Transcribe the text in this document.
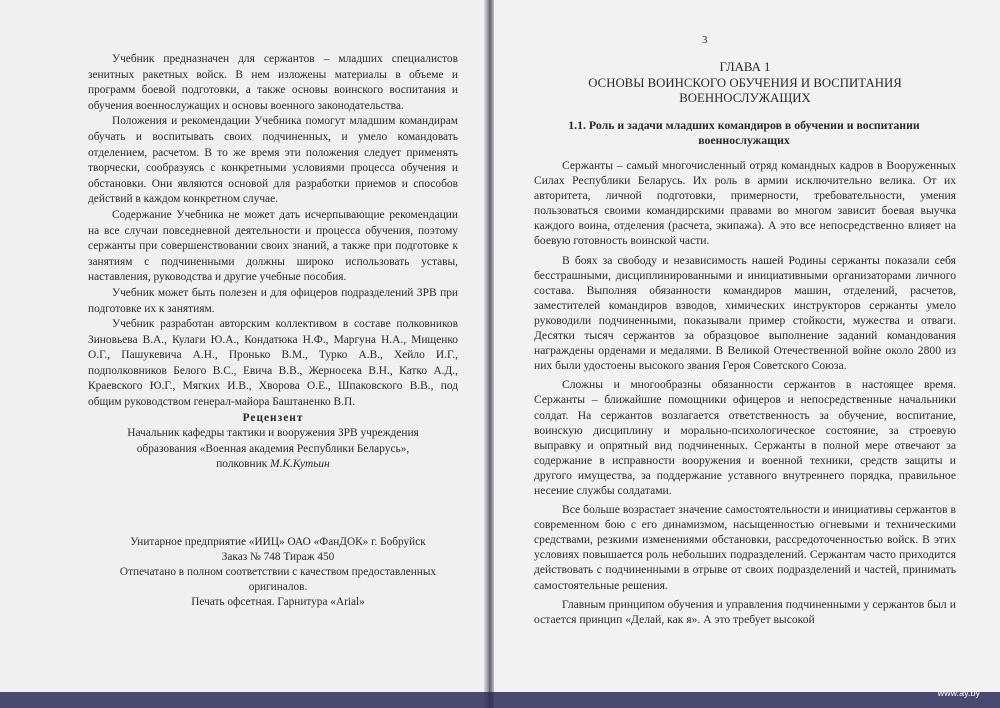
Учебник предназначен для сержантов – младших специалистов зенитных ракетных войск. В нем изложены материалы в объеме и программ боевой подготовки, а также основы воинского воспитания и обучения военнослужащих и основы военного законодательства.

Положения и рекомендации Учебника помогут младшим командирам обучать и воспитывать своих подчиненных, и умело командовать отделением, расчетом. В то же время эти положения следует применять творчески, сообразуясь с конкретными условиями процесса обучения и обстановки. Они являются основой для разработки приемов и способов действий в каждом конкретном случае.

Содержание Учебника не может дать исчерпывающие рекомендации на все случаи повседневной деятельности и процесса обучения, поэтому сержанты при совершенствовании своих знаний, а также при подготовке к занятиям с подчиненными должны широко использовать уставы, наставления, руководства и другие учебные пособия.

Учебник может быть полезен и для офицеров подразделений ЗРВ при подготовке их к занятиям.

Учебник разработан авторским коллективом в составе полковников Зиновьева В.А., Кулаги Ю.А., Кондатюка Н.Ф., Маргуна Н.А., Мищенко О.Г., Пашукевича А.Н., Пронько В.М., Турко А.В., Хейло И.Г., подполковников Белого В.С., Евича В.В., Жерносека В.Н., Катко А.Д., Краевского Ю.Г., Мягких И.В., Хворова О.Е., Шпаковского В.В., под общим руководством генерал-майора Баштаненко В.П.

Рецензент

Начальник кафедры тактики и вооружения ЗРВ учреждения

образования «Военная академия Республики Беларусь»,

полковник М.К.Кутьин

Унитарное предприятие «ИИЦ» ОАО «ФанДОК» г. Бобруйск

Заказ № 748 Тираж 450

Отпечатано в полном соответствии с качеством предоставленных оригиналов.

Печать офсетная. Гарнитура «Arial»

3
ГЛАВА 1
ОСНОВЫ ВОИНСКОГО ОБУЧЕНИЯ И ВОСПИТАНИЯ
ВОЕННОСЛУЖАЩИХ
1.1. Роль и задачи младших командиров в обучении и воспитании военнослужащих

Сержанты – самый многочисленный отряд командных кадров в Вооруженных Силах Республики Беларусь. Их роль в армии исключительно велика. От их авторитета, личной подготовки, примерности, требовательности, умения пользоваться своими командирскими правами во многом зависит боевая выучка каждого воина, отделения (расчета, экипажа). А это все непосредственно влияет на боевую готовность воинской части.

В боях за свободу и независимость нашей Родины сержанты показали себя бесстрашными, дисциплинированными и инициативными организаторами личного состава. Выполняя обязанности командиров машин, отделений, расчетов, заместителей командиров взводов, химических инструкторов сержанты умело руководили подчиненными, показывали пример стойкости, мужества и отваги. Десятки тысяч сержантов за образцовое выполнение заданий командования награждены орденами и медалями. В Великой Отечественной войне около 2800 из них были удостоены высокого звания Героя Советского Союза.

Сложны и многообразны обязанности сержантов в настоящее время. Сержанты – ближайшие помощники офицеров и непосредственные начальники солдат. На сержантов возлагается ответственность за обучение, воспитание, воинскую дисциплину и морально-психологическое состояние, за строевую выправку и опрятный вид подчиненных. Сержанты в полной мере отвечают за содержание в исправности вооружения и военной техники, средств защиты и другого имущества, за поддержание уставного внутреннего порядка, правильное несение службы солдатами.

Все больше возрастает значение самостоятельности и инициативы сержантов в современном бою с его динамизмом, насыщенностью огневыми и техническими средствами, резкими изменениями обстановки, рассредоточенностью войск. В этих условиях повышается роль небольших подразделений. Сержантам часто приходится действовать с подчиненными в отрыве от своих подразделений и частей, принимать самостоятельные решения.

Главным принципом обучения и управления подчиненными у сержантов был и остается принцип «Делай, как я». А это требует высокой

www.ay.by
